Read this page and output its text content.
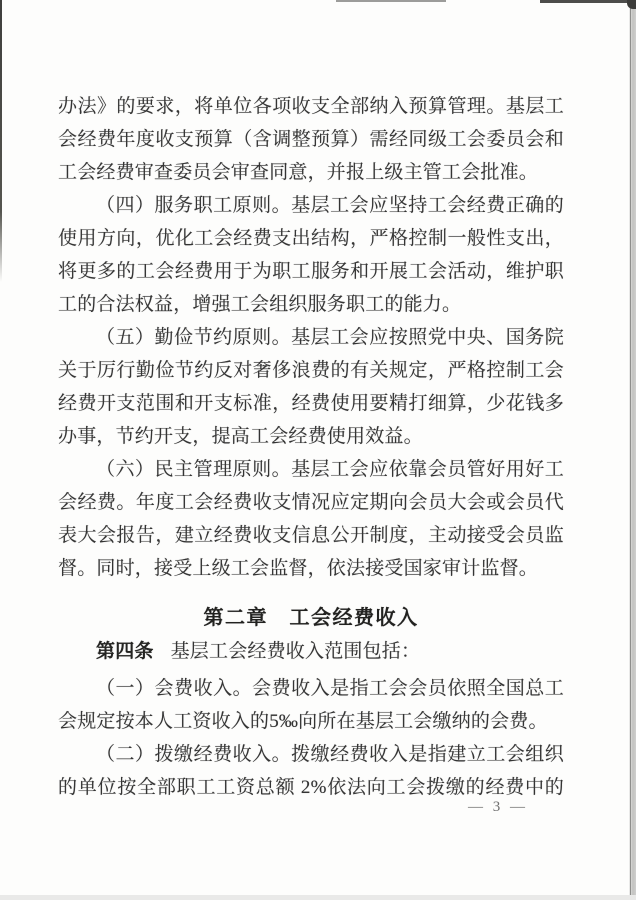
办法》的要求，将单位各项收支全部纳入预算管理。基层工
会经费年度收支预算（含调整预算）需经同级工会委员会和
工会经费审查委员会审查同意，并报上级主管工会批准。
（四）服务职工原则。基层工会应坚持工会经费正确的
使用方向，优化工会经费支出结构，严格控制一般性支出，
将更多的工会经费用于为职工服务和开展工会活动，维护职
工的合法权益，增强工会组织服务职工的能力。
（五）勤俭节约原则。基层工会应按照党中央、国务院
关于厉行勤俭节约反对奢侈浪费的有关规定，严格控制工会
经费开支范围和开支标准，经费使用要精打细算，少花钱多
办事，节约开支，提高工会经费使用效益。
（六）民主管理原则。基层工会应依靠会员管好用好工
会经费。年度工会经费收支情况应定期向会员大会或会员代
表大会报告，建立经费收支信息公开制度，主动接受会员监
督。同时，接受上级工会监督，依法接受国家审计监督。
第二章　工会经费收入
第四条 基层工会经费收入范围包括：
（一）会费收入。会费收入是指工会会员依照全国总工
会规定按本人工资收入的5‰向所在基层工会缴纳的会费。
（二）拨缴经费收入。拨缴经费收入是指建立工会组织
的单位按全部职工工资总额 2%依法向工会拨缴的经费中的
— 3 —
